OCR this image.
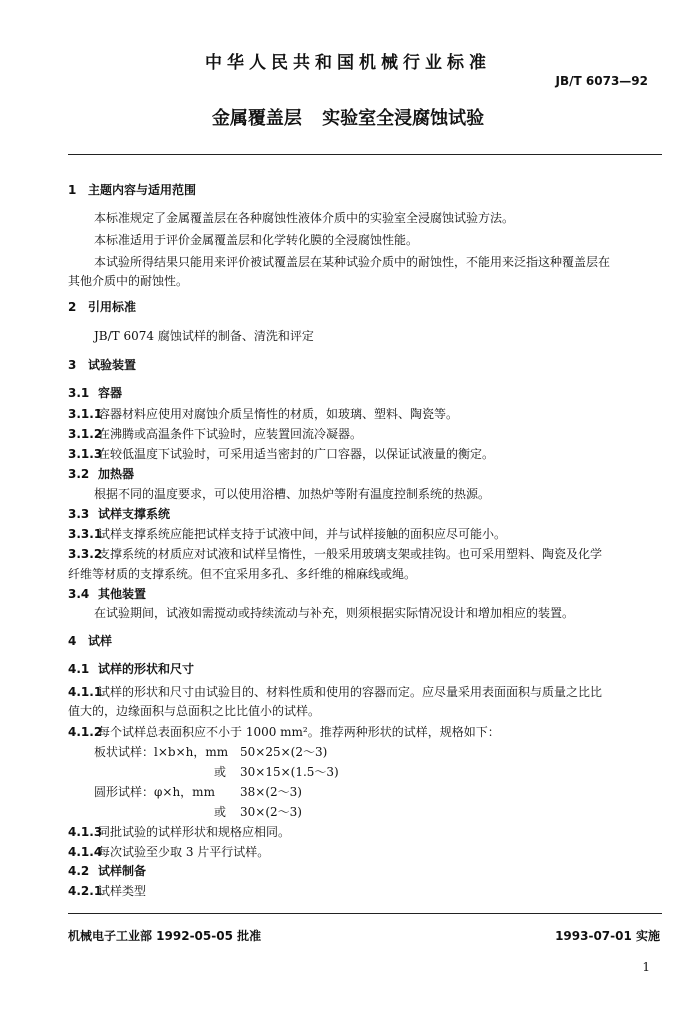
中华人民共和国机械行业标准
JB/T 6073—92
金属覆盖层 实验室全浸腐蚀试验
1 主题内容与适用范围
本标准规定了金属覆盖层在各种腐蚀性液体介质中的实验室全浸腐蚀试验方法。
本标准适用于评价金属覆盖层和化学转化膜的全浸腐蚀性能。
本试验所得结果只能用来评价被试覆盖层在某种试验介质中的耐蚀性，不能用来泛指这种覆盖层在
其他介质中的耐蚀性。
2 引用标准
JB/T 6074 腐蚀试样的制备、清洗和评定
3 试验装置
3.1 容器
3.1.1容器材料应使用对腐蚀介质呈惰性的材质，如玻璃、塑料、陶瓷等。
3.1.2在沸腾或高温条件下试验时，应装置回流冷凝器。
3.1.3在较低温度下试验时，可采用适当密封的广口容器，以保证试液量的衡定。
3.2 加热器
根据不同的温度要求，可以使用浴槽、加热炉等附有温度控制系统的热源。
3.3 试样支撑系统
3.3.1试样支撑系统应能把试样支持于试液中间，并与试样接触的面积应尽可能小。
3.3.2支撑系统的材质应对试液和试样呈惰性，一般采用玻璃支架或挂钩。也可采用塑料、陶瓷及化学
纤维等材质的支撑系统。但不宜采用多孔、多纤维的棉麻线或绳。
3.4 其他装置
在试验期间，试液如需搅动或持续流动与补充，则须根据实际情况设计和增加相应的装置。
4 试样
4.1 试样的形状和尺寸
4.1.1试样的形状和尺寸由试验目的、材料性质和使用的容器而定。应尽量采用表面面积与质量之比比
值大的，边缘面积与总面积之比比值小的试样。
4.1.2每个试样总表面积应不小于 1000 mm²。推荐两种形状的试样，规格如下：
板状试样：l×b×h，mm 50×25×(2～3)
或 30×15×(1.5～3)
圆形试样：φ×h，mm 38×(2～3)
或 30×(2～3)
4.1.3同批试验的试样形状和规格应相同。
4.1.4每次试验至少取 3 片平行试样。
4.2 试样制备
4.2.1试样类型
机械电子工业部 1992-05-05 批准	1993-07-01 实施
1
